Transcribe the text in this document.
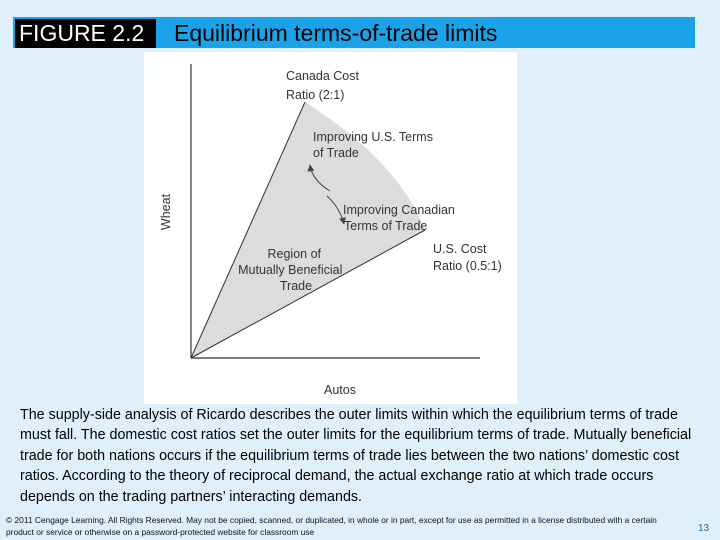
FIGURE 2.2	Equilibrium terms-of-trade limits
Wheat
Autos
Canada Cost Ratio (2:1)
Improving U.S. Terms of Trade
Improving Canadian Terms of Trade
U.S. Cost Ratio (0.5:1)
Region of Mutually Beneficial Trade
The supply-side analysis of Ricardo describes the outer limits within which the equilibrium terms of trade must fall. The domestic cost ratios set the outer limits for the equilibrium terms of trade. Mutually beneficial trade for both nations occurs if the equilibrium terms of trade lies between the two nations’ domestic cost ratios. According to the theory of reciprocal demand, the actual exchange ratio at which trade occurs depends on the trading partners’ interacting demands.
© 2011 Cengage Learning. All Rights Reserved. May not be copied, scanned, or duplicated, in whole or in part, except for use as permitted in a license distributed with a certain product or service or otherwise on a password-protected website for classroom use	13
